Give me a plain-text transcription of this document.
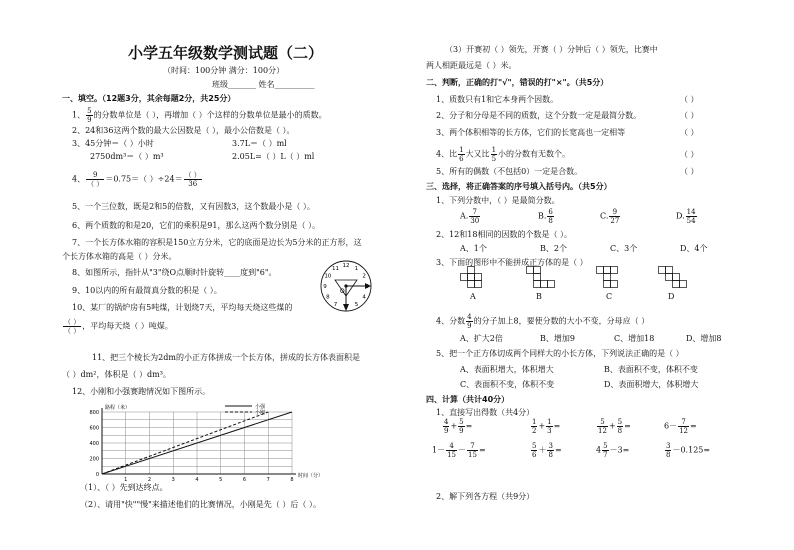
小学五年级数学测试题（二）
（时间：100分钟 满分：100分）
班级_______ 姓名__________
一、填空。（12题3分，其余每题2分，共25分）
1、 $\frac{5}{9}$ 的分数单位是（ ），再增加（ ）个这样的分数单位是最小的质数。
2、24和36这两个数的最大公因数是（ ），最小公倍数是（ ）。
3、45分钟＝（ ）小时	3.7L＝（ ）ml
2750dm³＝（ ）m³	2.05L=（ ）L（ ）ml
4、 $\frac{9}{( )} =0.75=$（ ）$\div 24= \frac{( )}{36}$
5、一个三位数，既是2和5的倍数，又有因数3，这个数最小是（ ）。
6、两个质数的和是20，它们的乘积是91，那么这两个数分别是（ ）。
7、一个长方体水箱的容积是150立方分米，它的底面是边长为5分米的正方形，这
个长方体水箱的高是（ ）分米。
8、如图所示，指针从"3"绕O点顺时针旋转____度到"6"。
9、10以内的所有最简真分数的积是（ ）。
10、某厂的锅炉房有5吨煤，计划烧7天，平均每天烧这些煤的
$\frac{( )}{( )}$ ，平均每天烧（ ）吨煤。
11、把三个棱长为2dm的小正方体拼成一个长方体，拼成的长方体表面积是
（ ）dm²，体积是（ ）dm³。
12、小刚和小强赛跑情况如下图所示。
12 1
2
4
5
7
8
9
10
11
O
800
600
400
200
0
1	2	3	4	5	6	7	8
路程（米）
时间（分）
小强
小刚
（1）、（ ）先到达终点。
（2）、请用"快""慢"来描述他们的比赛情况，小刚是先（ ）后（ ）。
（3）开赛初（ ）领先，开赛（ ）分钟后（ ）领先，比赛中
两人相距最远是（ ）米。
二、判断，正确的打"√"，错误的打"×"。（共5分）
1、质数只有1和它本身两个因数。	（ ）
2、分子和分母是不同的质数，这个分数一定是最简分数。	（ ）
3、两个体积相等的长方体，它们的长宽高也一定相等	（ ）
4、比 $\frac{1}{6}$ 大又比 $\frac{1}{5}$ 小的分数有无数个。	（ ）
5、所有的偶数（不包括0）一定是合数。	（ ）
三、选择，将正确答案的序号填入括号内。（共5分）
1、下列分数中，（ ）是最简分数。
A. $\frac{7}{30}$	B. $\frac{6}{8}$	C. $\frac{9}{27}$	D. $\frac{14}{54}$
2、12和18相同的因数的个数是（ ）。
A、1个	B、2个	C、3个	D、4个
3、下面的图形中不能拼成正方体的是（ ）
A	B	C	D
4、分数 $\frac{4}{9}$ 的分子加上8，要使分数的大小不变，分母应（ ）
A、扩大2倍	B、增加9	C、增加18	D、增加8
5、把一个正方体切成两个同样大的小长方体，下列说法正确的是（ ）
A、表面积增大，体积增大	B、表面积不变，体积不变
C、表面积不变，体积不变	D、表面积增大，体积增大
四、计算（共计40分）
1、直接写出得数（共4分）
$\frac{4}{9} + \frac{5}{9}$ =	$\frac{1}{2} + \frac{1}{3}$ =	$\frac{5}{12} + \frac{5}{8}$ =	$6- \frac{7}{12}$ =
$1- \frac{4}{15} - \frac{7}{15}$ =	$\frac{5}{6} + \frac{3}{8}$ =	$4 \frac{5}{7} -3=$	$\frac{3}{8} -0.125=$
2、解下列各方程（共9分）
